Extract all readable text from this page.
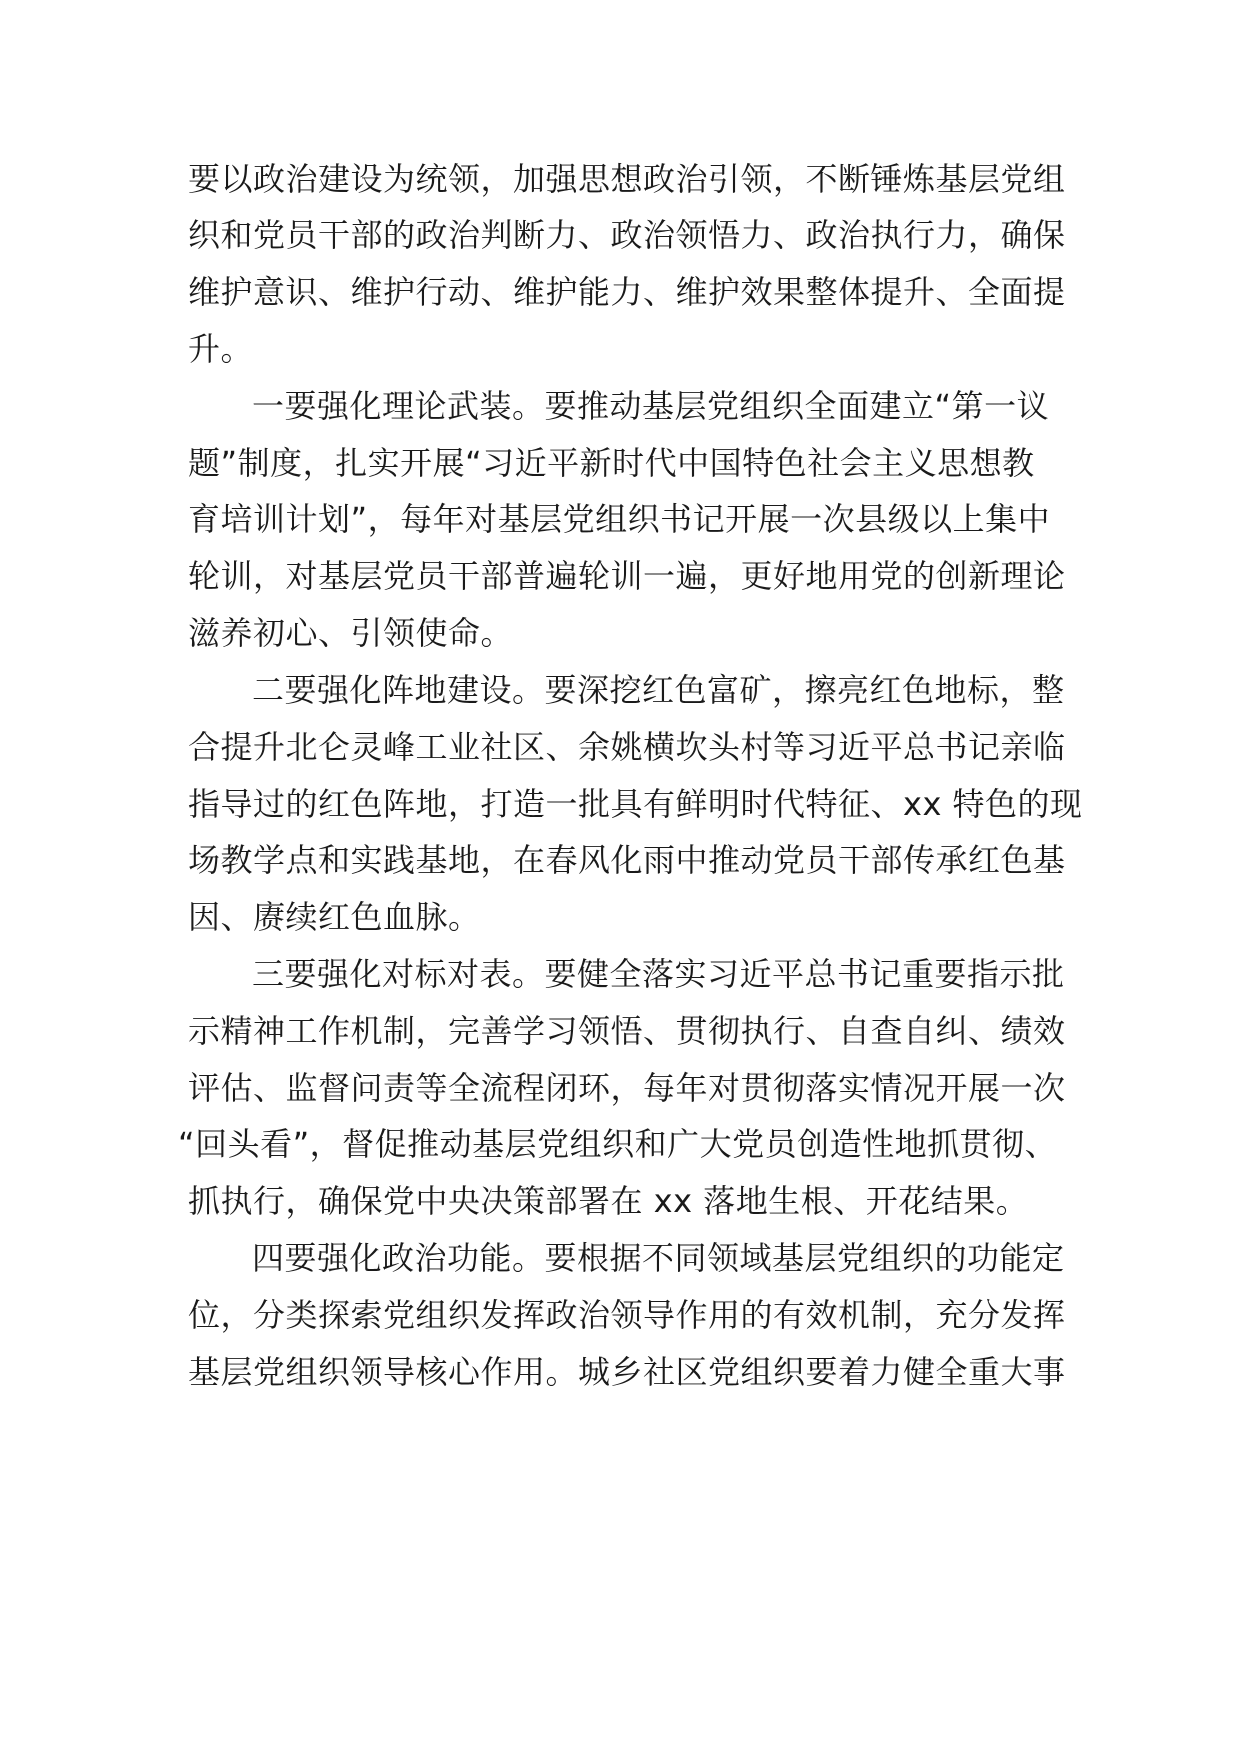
要以政治建设为统领，加强思想政治引领，不断锤炼基层党组
织和党员干部的政治判断力、政治领悟力、政治执行力，确保
维护意识、维护行动、维护能力、维护效果整体提升、全面提
升。
一要强化理论武装。要推动基层党组织全面建立“第一议
题”制度，扎实开展“习近平新时代中国特色社会主义思想教
育培训计划”，每年对基层党组织书记开展一次县级以上集中
轮训，对基层党员干部普遍轮训一遍，更好地用党的创新理论
滋养初心、引领使命。
二要强化阵地建设。要深挖红色富矿，擦亮红色地标，整
合提升北仑灵峰工业社区、余姚横坎头村等习近平总书记亲临
指导过的红色阵地，打造一批具有鲜明时代特征、xx 特色的现
场教学点和实践基地，在春风化雨中推动党员干部传承红色基
因、赓续红色血脉。
三要强化对标对表。要健全落实习近平总书记重要指示批
示精神工作机制，完善学习领悟、贯彻执行、自查自纠、绩效
评估、监督问责等全流程闭环，每年对贯彻落实情况开展一次
“回头看”，督促推动基层党组织和广大党员创造性地抓贯彻、
抓执行，确保党中央决策部署在 xx 落地生根、开花结果。
四要强化政治功能。要根据不同领域基层党组织的功能定
位，分类探索党组织发挥政治领导作用的有效机制，充分发挥
基层党组织领导核心作用。城乡社区党组织要着力健全重大事
